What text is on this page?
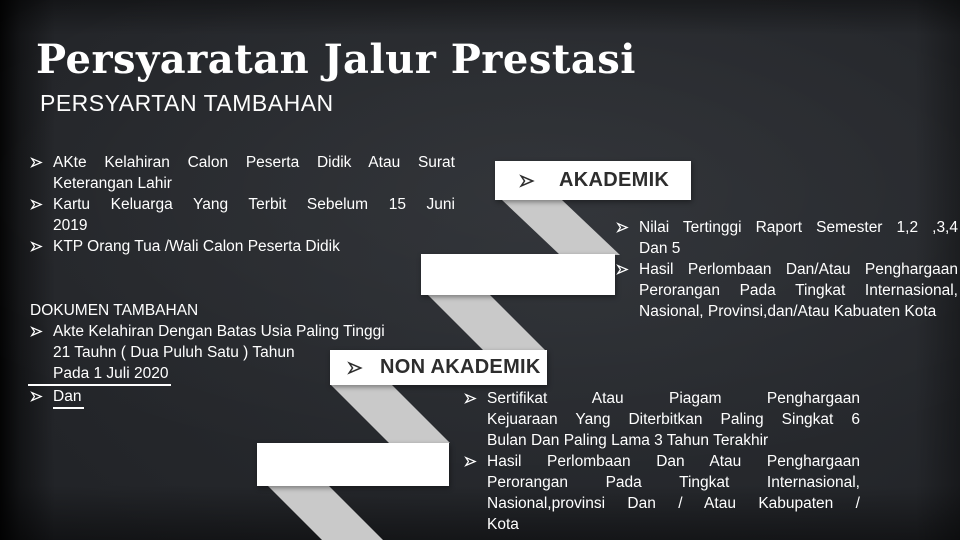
Persyaratan Jalur Prestasi
PERSYARTAN TAMBAHAN
AKte Kelahiran Calon Peserta Didik Atau Surat
Keterangan Lahir
Kartu Keluarga Yang Terbit Sebelum 15 Juni
2019
KTP Orang Tua /Wali Calon Peserta Didik
DOKUMEN TAMBAHAN
Akte Kelahiran Dengan Batas Usia Paling Tinggi
21 Tauhn ( Dua Puluh Satu ) Tahun
Pada 1 Juli 2020
Dan
AKADEMIK
NON AKADEMIK
Nilai Tertinggi Raport Semester 1,2 ,3,4
Dan 5
Hasil Perlombaan Dan/Atau Penghargaan
Perorangan Pada Tingkat Internasional,
Nasional, Provinsi,dan/Atau Kabuaten Kota
Sertifikat Atau Piagam Penghargaan
Kejuaraan Yang Diterbitkan Paling Singkat 6
Bulan Dan Paling Lama 3 Tahun Terakhir
Hasil Perlombaan Dan Atau Penghargaan
Perorangan Pada Tingkat Internasional,
Nasional,provinsi Dan / Atau Kabupaten /
Kota
